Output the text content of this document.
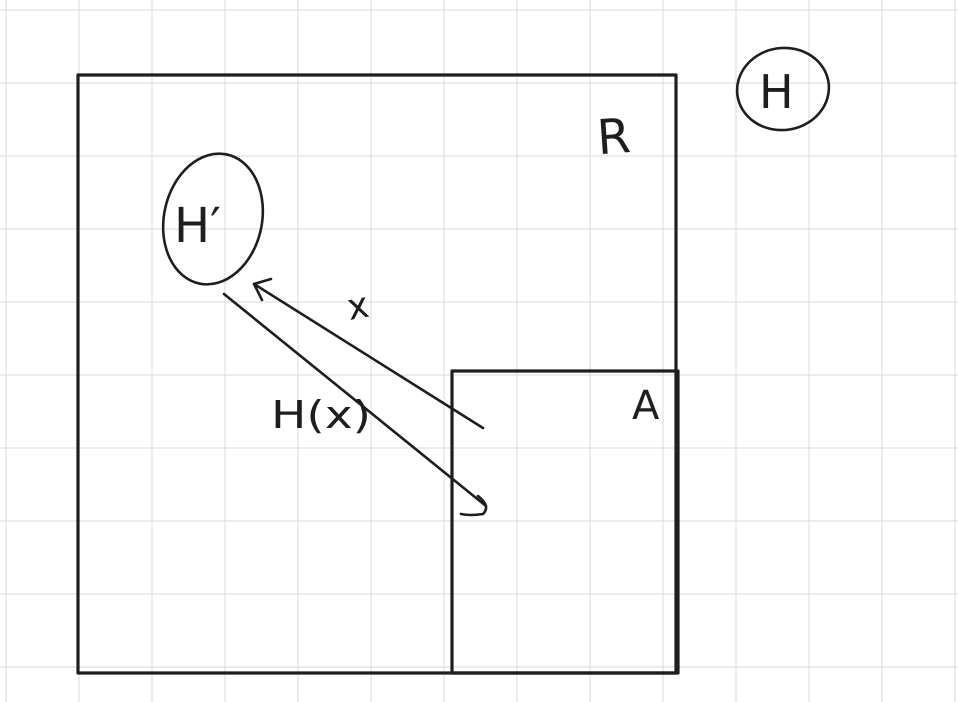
R
A
H
H′
x
H(x)
